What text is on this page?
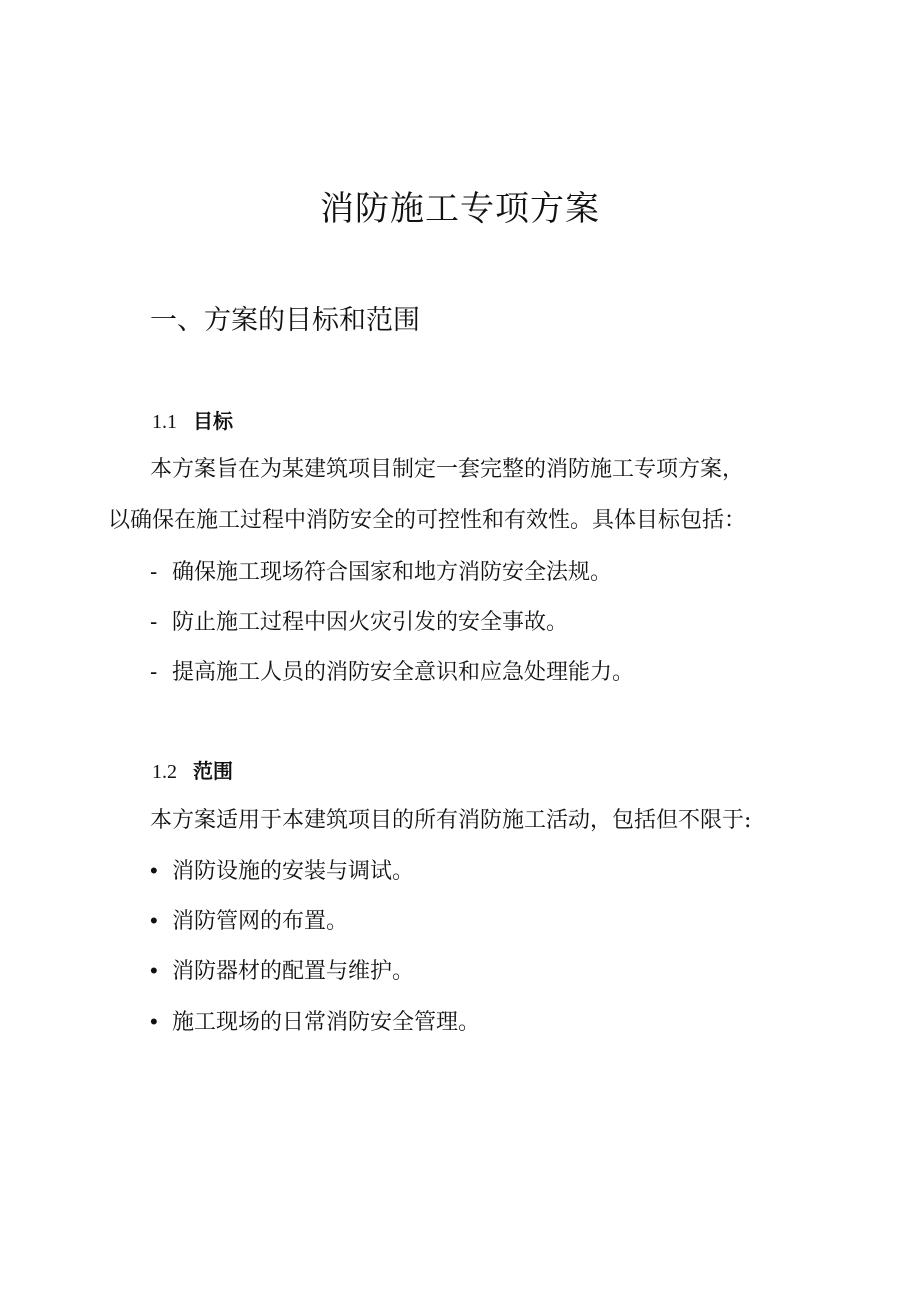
消防施工专项方案
一、方案的目标和范围
1.1 目标

本方案旨在为某建筑项目制定一套完整的消防施工专项方案，

以确保在施工过程中消防安全的可控性和有效性。具体目标包括：

- 确保施工现场符合国家和地方消防安全法规。

- 防止施工过程中因火灾引发的安全事故。

- 提高施工人员的消防安全意识和应急处理能力。

1.2 范围

本方案适用于本建筑项目的所有消防施工活动，包括但不限于:

• 消防设施的安装与调试。

• 消防管网的布置。

• 消防器材的配置与维护。

• 施工现场的日常消防安全管理。
